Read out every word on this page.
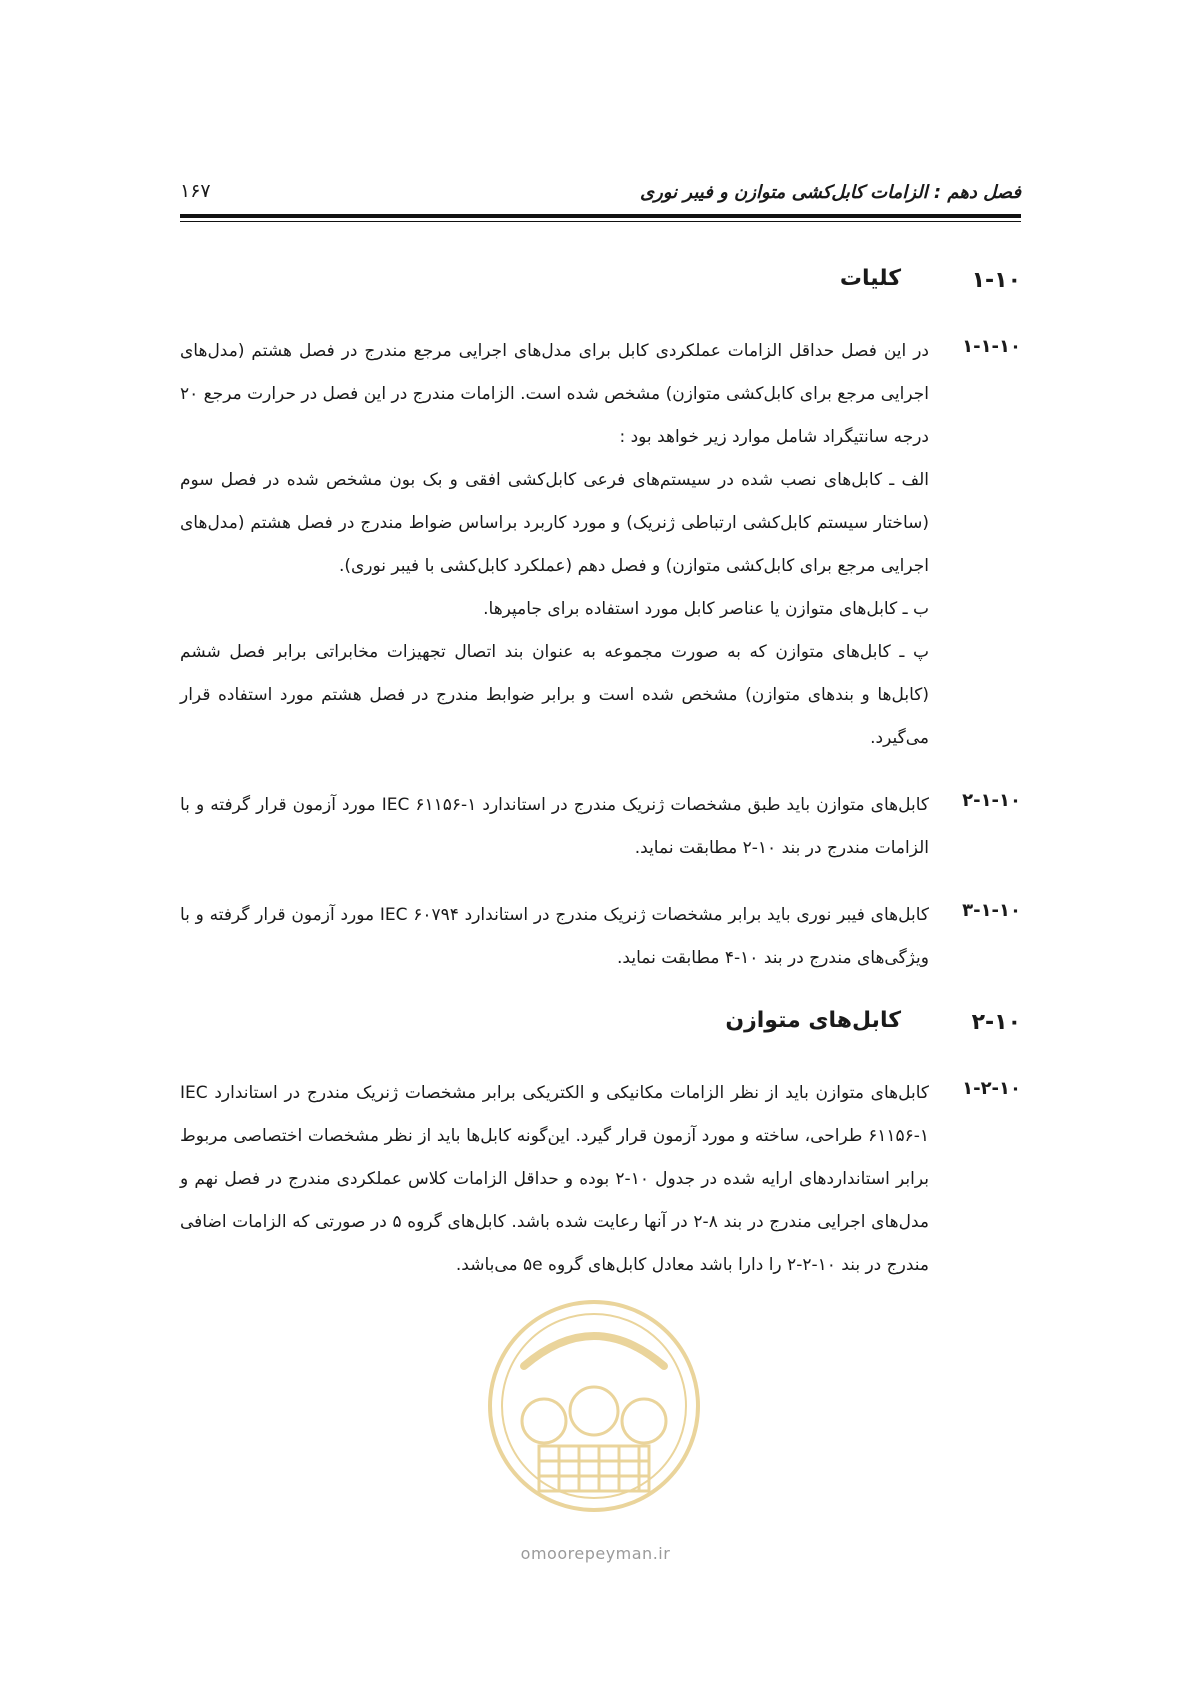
فصل دهم : الزامات کابل‌کشی متوازن و فیبر نوری
۱۶۷
۱-۱۰
کلیات
۱-۱-۱۰
در این فصل حداقل الزامات عملکردی کابل برای مدل‌های اجرایی مرجع مندرج در فصل هشتم (مدل‌های اجرایی مرجع برای کابل‌کشی متوازن) مشخص شده است. الزامات مندرج در این فصل در حرارت مرجع ۲۰ درجه سانتیگراد شامل موارد زیر خواهد بود :
الف ـ کابل‌های نصب شده در سیستم‌های فرعی کابل‌کشی افقی و بک بون مشخص شده در فصل سوم (ساختار سیستم کابل‌کشی ارتباطی ژنریک) و مورد کاربرد براساس ضواط مندرج در فصل هشتم (مدل‌های اجرایی مرجع برای کابل‌کشی متوازن) و فصل دهم (عملکرد کابل‌کشی با فیبر نوری).
ب ـ کابل‌های متوازن یا عناصر کابل مورد استفاده برای جامپرها.
پ ـ کابل‌های متوازن که به صورت مجموعه به عنوان بند اتصال تجهیزات مخابراتی برابر فصل ششم (کابل‌ها و بندهای متوازن) مشخص شده است و برابر ضوابط مندرج در فصل هشتم مورد استفاده قرار می‌گیرد.
۲-۱-۱۰
کابل‌های متوازن باید طبق مشخصات ژنریک مندرج در استاندارد IEC ۶۱۱۵۶-۱ مورد آزمون قرار گرفته و با الزامات مندرج در بند ۱۰-۲ مطابقت نماید.
۳-۱-۱۰
کابل‌های فیبر نوری باید برابر مشخصات ژنریک مندرج در استاندارد IEC ۶۰۷۹۴ مورد آزمون قرار گرفته و با ویژگی‌های مندرج در بند ۱۰-۴ مطابقت نماید.
۲-۱۰
کابل‌های متوازن
۱-۲-۱۰
کابل‌های متوازن باید از نظر الزامات مکانیکی و الکتریکی برابر مشخصات ژنریک مندرج در استاندارد IEC ۶۱۱۵۶-۱ طراحی، ساخته و مورد آزمون قرار گیرد. این‌گونه کابل‌ها باید از نظر مشخصات اختصاصی مربوط برابر استانداردهای ارایه شده در جدول ۱۰-۲ بوده و حداقل الزامات کلاس عملکردی مندرج در فصل نهم و مدل‌های اجرایی مندرج در بند ۸-۲ در آنها رعایت شده باشد. کابل‌های گروه ۵ در صورتی که الزامات اضافی مندرج در بند ۱۰-۲-۲ را دارا باشد معادل کابل‌های گروه ۵e می‌باشد.
omoorepeyman.ir
